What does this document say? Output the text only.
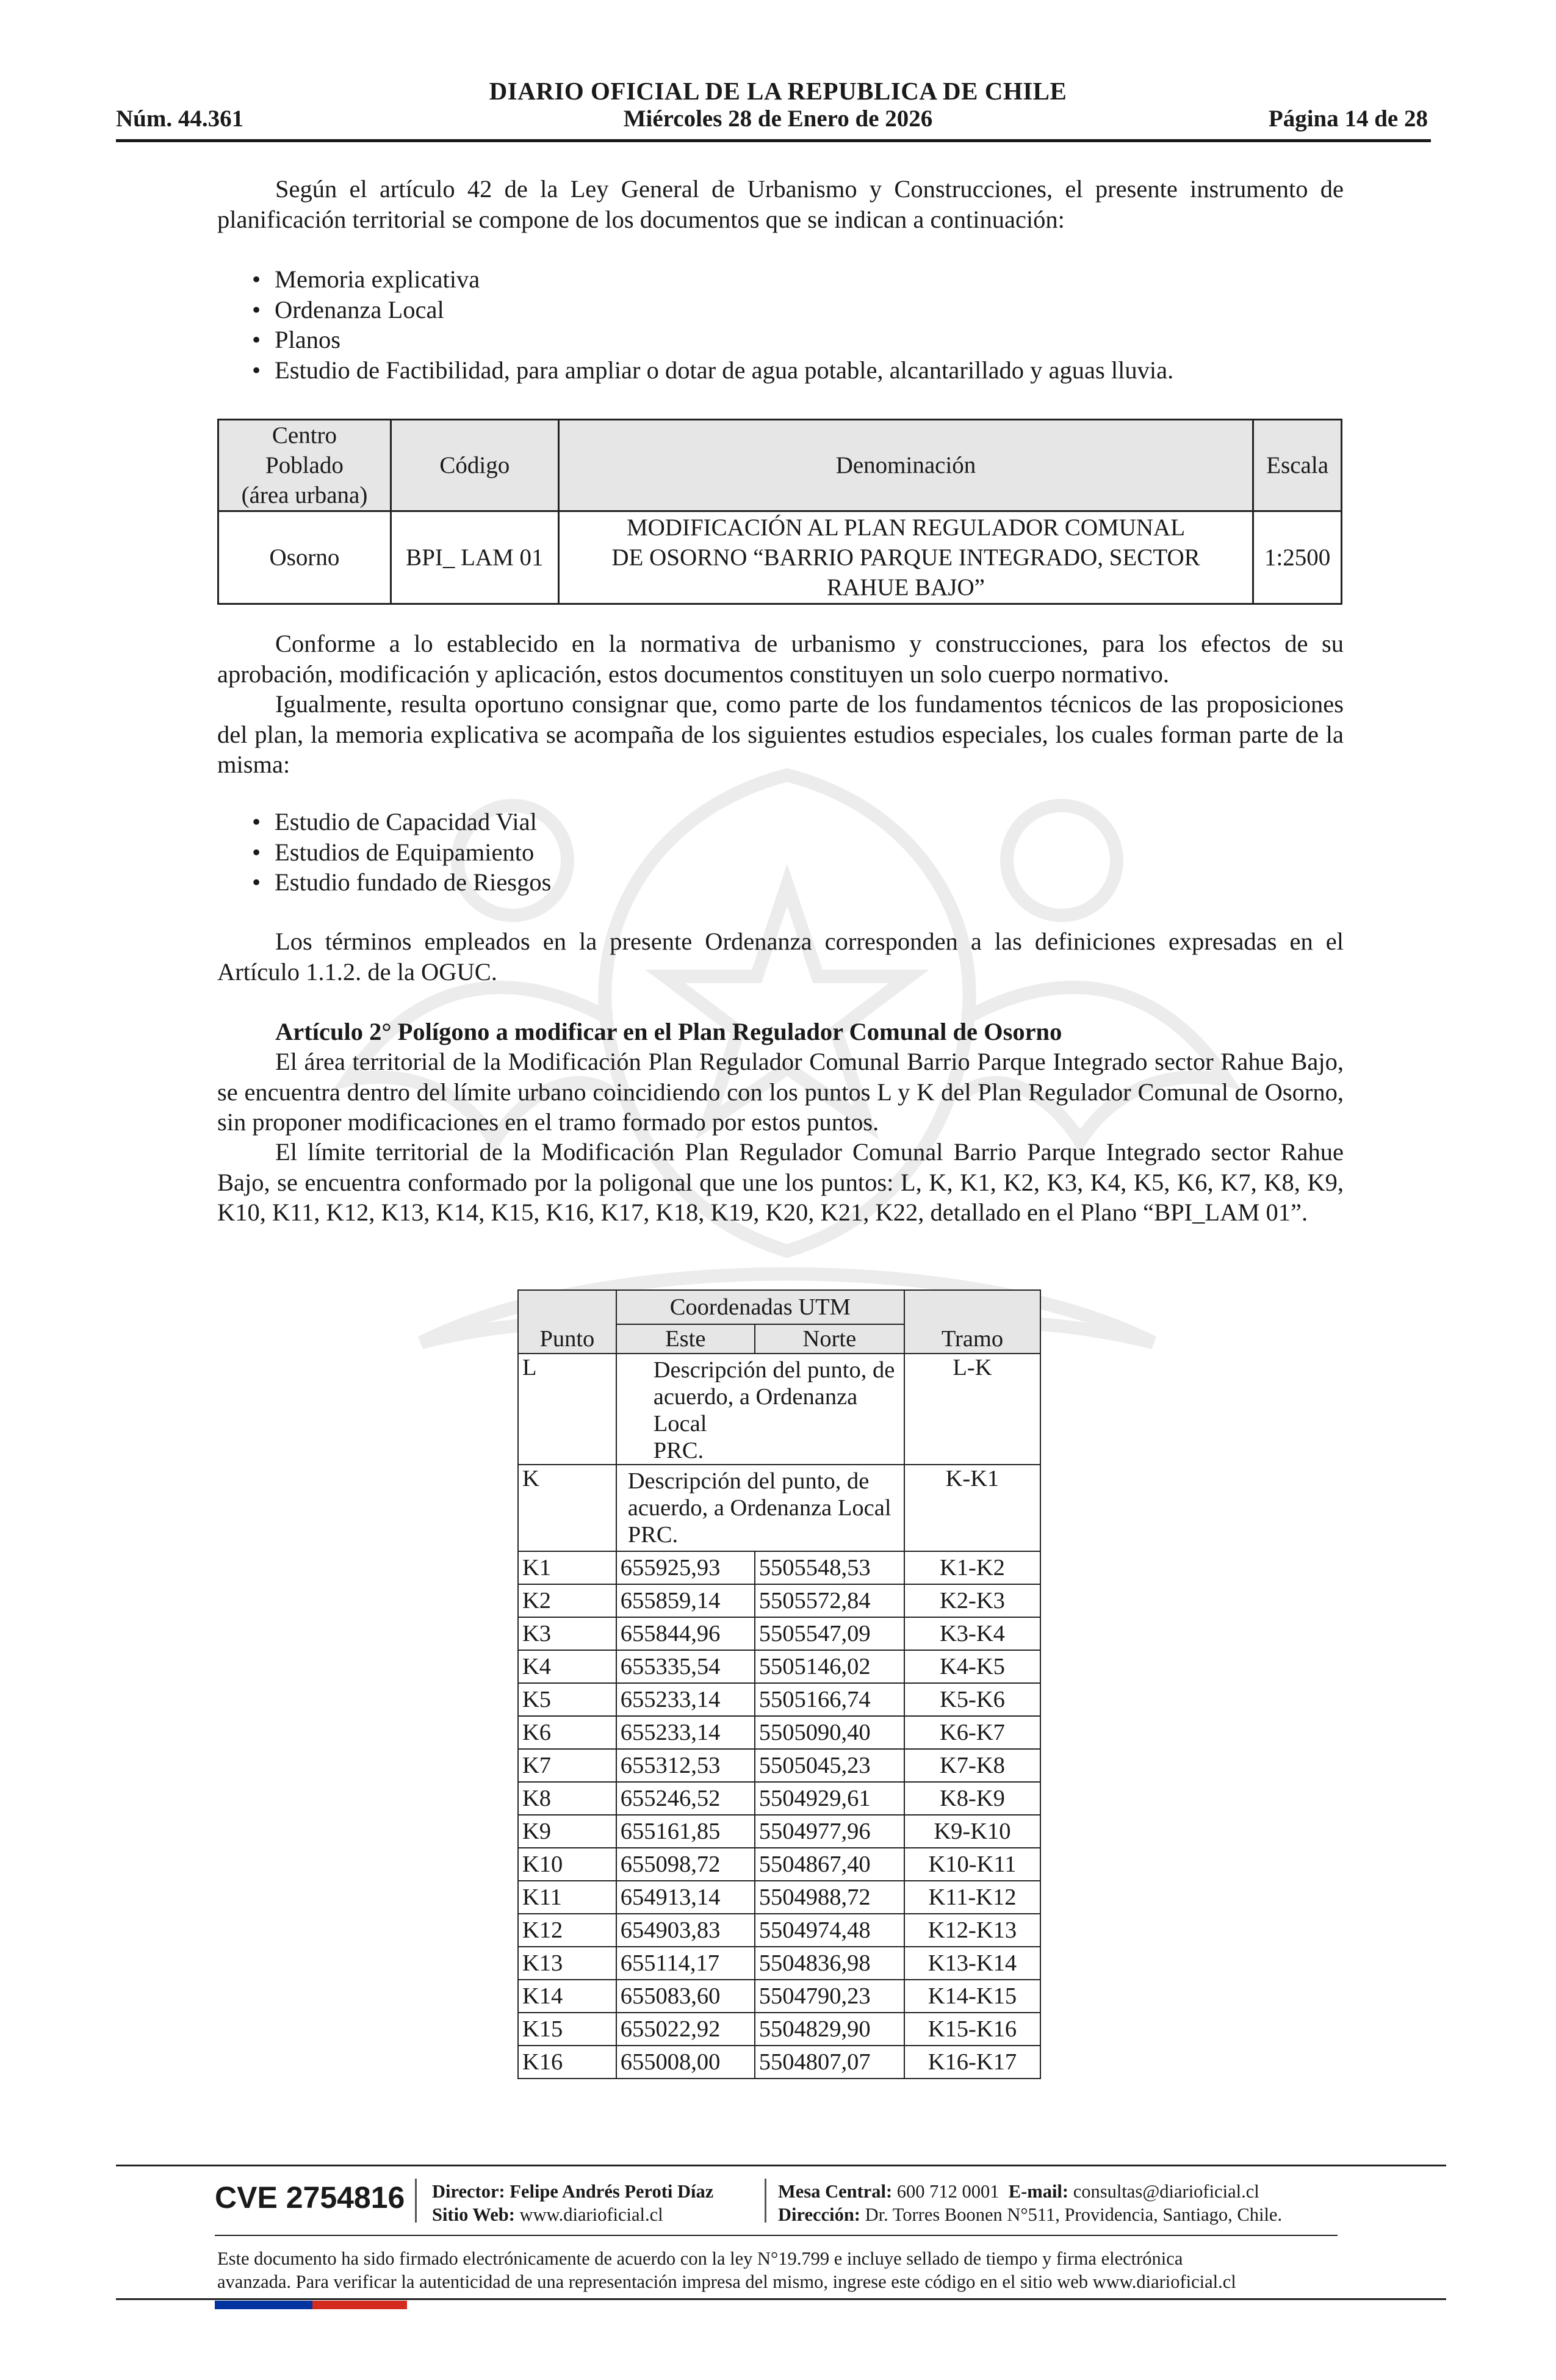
DIARIO OFICIAL DE LA REPUBLICA DE CHILE
Núm. 44.361	Miércoles 28 de Enero de 2026	Página 14 de 28
Según el artículo 42 de la Ley General de Urbanismo y Construcciones, el presente instrumento de planificación territorial se compone de los documentos que se indican a continuación:
• Memoria explicativa
• Ordenanza Local
• Planos
• Estudio de Factibilidad, para ampliar o dotar de agua potable, alcantarillado y aguas lluvia.
Centro
Poblado
(área urbana)	Código	Denominación	Escala
Osorno	BPI_ LAM 01	MODIFICACIÓN AL PLAN REGULADOR COMUNAL
DE OSORNO “BARRIO PARQUE INTEGRADO, SECTOR
RAHUE BAJO”	1:2500
Conforme a lo establecido en la normativa de urbanismo y construcciones, para los efectos de su aprobación, modificación y aplicación, estos documentos constituyen un solo cuerpo normativo.
Igualmente, resulta oportuno consignar que, como parte de los fundamentos técnicos de las proposiciones del plan, la memoria explicativa se acompaña de los siguientes estudios especiales, los cuales forman parte de la misma:
• Estudio de Capacidad Vial
• Estudios de Equipamiento
• Estudio fundado de Riesgos
Los términos empleados en la presente Ordenanza corresponden a las definiciones expresadas en el Artículo 1.1.2. de la OGUC.
Artículo 2° Polígono a modificar en el Plan Regulador Comunal de Osorno
El área territorial de la Modificación Plan Regulador Comunal Barrio Parque Integrado sector Rahue Bajo, se encuentra dentro del límite urbano coincidiendo con los puntos L y K del Plan Regulador Comunal de Osorno, sin proponer modificaciones en el tramo formado por estos puntos.
El límite territorial de la Modificación Plan Regulador Comunal Barrio Parque Integrado sector Rahue Bajo, se encuentra conformado por la poligonal que une los puntos: L, K, K1, K2, K3, K4, K5, K6, K7, K8, K9, K10, K11, K12, K13, K14, K15, K16, K17, K18, K19, K20, K21, K22, detallado en el Plano “BPI_LAM 01”.
Punto	Coordenadas UTM		Tramo
	Este	Norte	
L	Descripción del punto, de
acuerdo, a Ordenanza Local
PRC.		L-K
K	Descripción del punto, de
acuerdo, a Ordenanza Local
PRC.		K-K1
K1	655925,93	5505548,53	K1-K2
K2	655859,14	5505572,84	K2-K3
K3	655844,96	5505547,09	K3-K4
K4	655335,54	5505146,02	K4-K5
K5	655233,14	5505166,74	K5-K6
K6	655233,14	5505090,40	K6-K7
K7	655312,53	5505045,23	K7-K8
K8	655246,52	5504929,61	K8-K9
K9	655161,85	5504977,96	K9-K10
K10	655098,72	5504867,40	K10-K11
K11	654913,14	5504988,72	K11-K12
K12	654903,83	5504974,48	K12-K13
K13	655114,17	5504836,98	K13-K14
K14	655083,60	5504790,23	K14-K15
K15	655022,92	5504829,90	K15-K16
K16	655008,00	5504807,07	K16-K17
CVE 2754816 Director: Felipe Andrés Peroti Díaz
Sitio Web: www.diarioficial.cl
Mesa Central: 600 712 0001 E-mail: consultas@diarioficial.cl
Dirección: Dr. Torres Boonen N°511, Providencia, Santiago, Chile.
Este documento ha sido firmado electrónicamente de acuerdo con la ley N°19.799 e incluye sellado de tiempo y firma electrónica
avanzada. Para verificar la autenticidad de una representación impresa del mismo, ingrese este código en el sitio web www.diarioficial.cl
